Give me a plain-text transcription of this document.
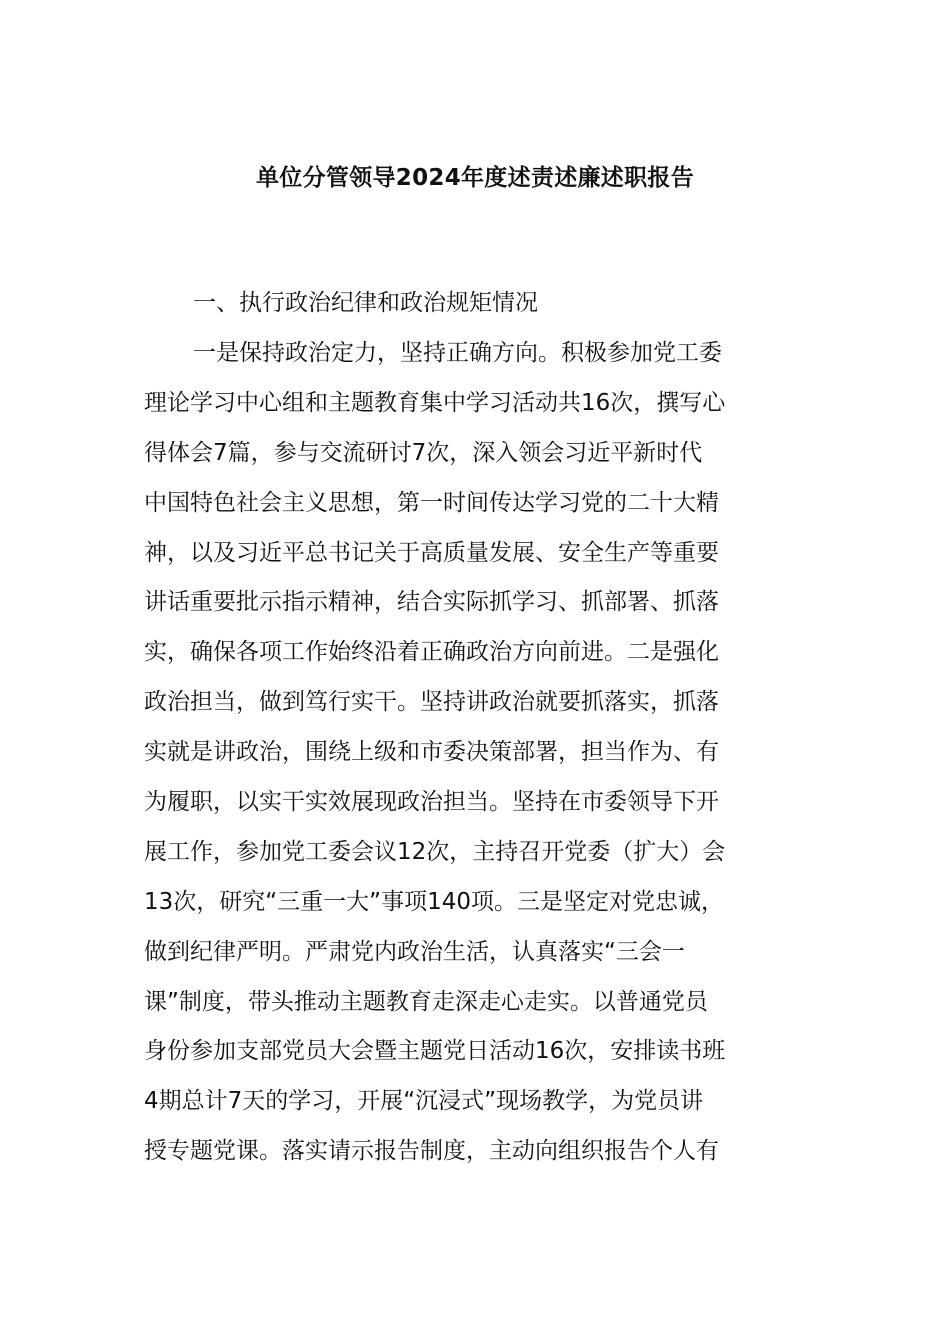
单位分管领导2024年度述责述廉述职报告
一、执行政治纪律和政治规矩情况
一是保持政治定力，坚持正确方向。积极参加党工委
理论学习中心组和主题教育集中学习活动共16次，撰写心
得体会7篇，参与交流研讨7次，深入领会习近平新时代
中国特色社会主义思想，第一时间传达学习党的二十大精
神，以及习近平总书记关于高质量发展、安全生产等重要
讲话重要批示指示精神，结合实际抓学习、抓部署、抓落
实，确保各项工作始终沿着正确政治方向前进。二是强化
政治担当，做到笃行实干。坚持讲政治就要抓落实，抓落
实就是讲政治，围绕上级和市委决策部署，担当作为、有
为履职，以实干实效展现政治担当。坚持在市委领导下开
展工作，参加党工委会议12次，主持召开党委（扩大）会
13次，研究“三重一大”事项140项。三是坚定对党忠诚，
做到纪律严明。严肃党内政治生活，认真落实“三会一
课”制度，带头推动主题教育走深走心走实。以普通党员
身份参加支部党员大会暨主题党日活动16次，安排读书班
4期总计7天的学习，开展“沉浸式”现场教学，为党员讲
授专题党课。落实请示报告制度，主动向组织报告个人有
